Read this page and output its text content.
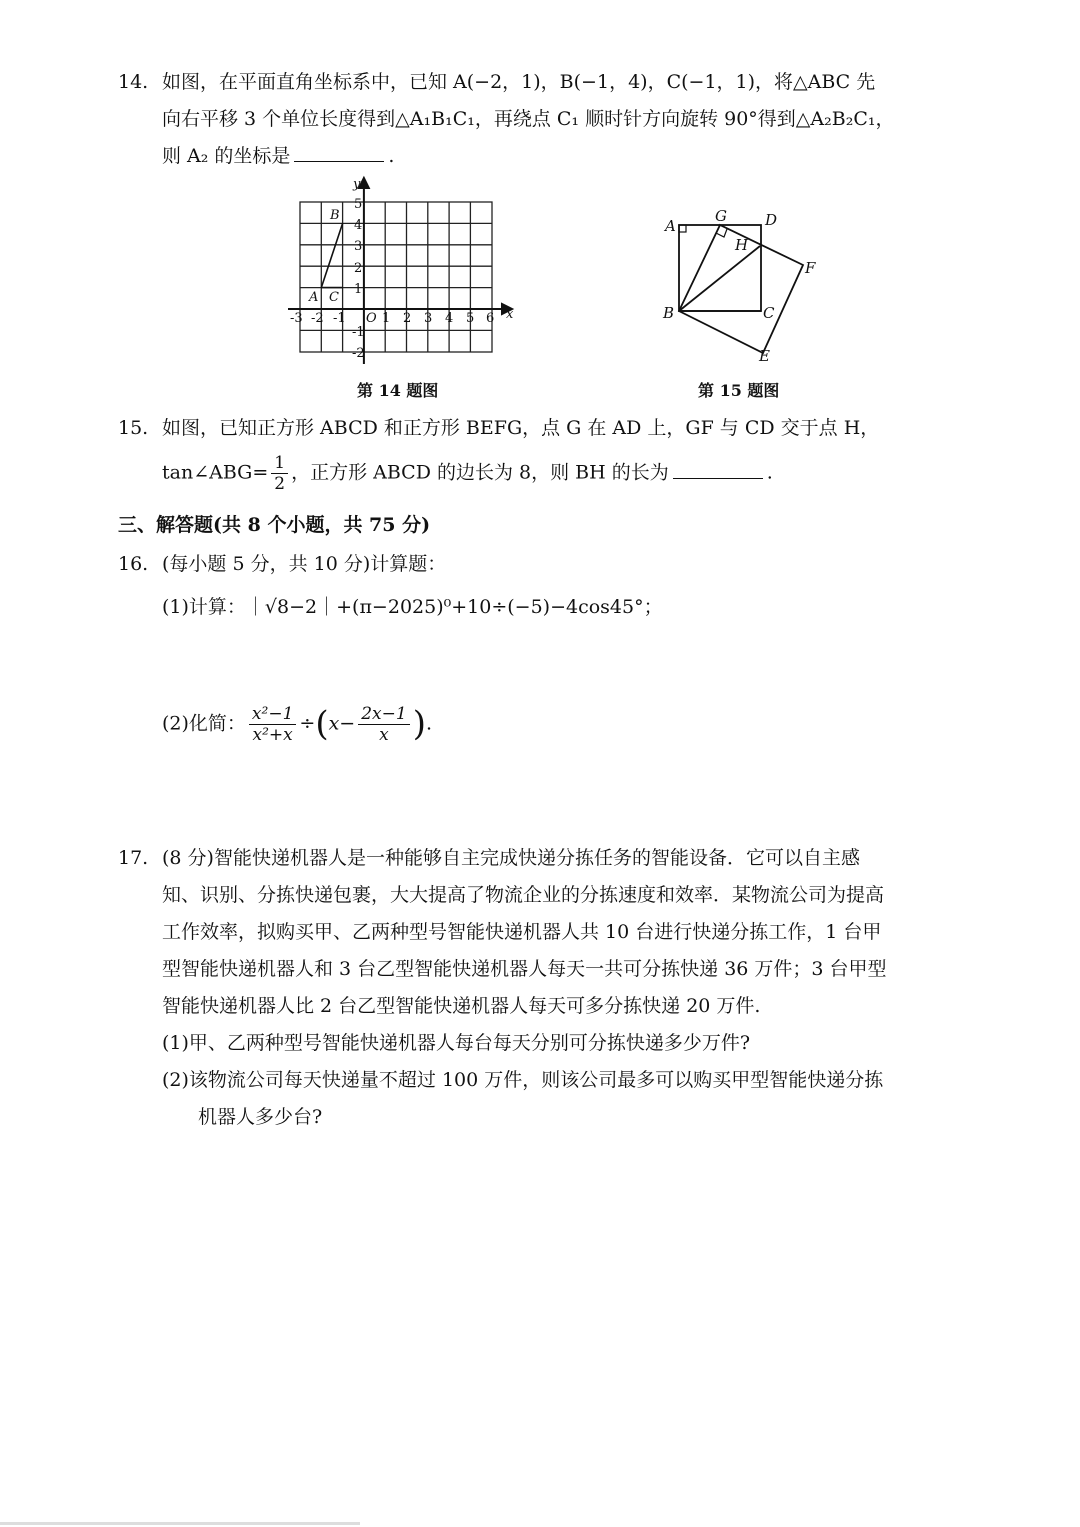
14. 如图，在平面直角坐标系中，已知 A(−2，1)，B(−1，4)，C(−1，1)，将△ABC 先
向右平移 3 个单位长度得到△A₁B₁C₁，再绕点 C₁ 顺时针方向旋转 90°得到△A₂B₂C₁，
则 A₂ 的坐标是	.
x
y
O
-3 -2 -1	1 2 3 4 5 6
5
4
3
2
1
-1
-2
A
B
C
第 14 题图
A
G	D
H
F
B	C
E
第 15 题图
15. 如图，已知正方形 ABCD 和正方形 BEFG，点 G 在 AD 上，GF 与 CD 交于点 H，
tan∠ABG= $\frac{1}{2}$ ，正方形 ABCD 的边长为 8，则 BH 的长为	.
三、解答题(共 8 个小题，共 75 分)
16. (每小题 5 分，共 10 分)计算题：
(1)计算：｜√8−2｜+(π−2025)⁰+10÷(−5)−4cos45°；
(2)化简： $\frac{\text{x²−1}}{\text{x²+x}} \div(x- \frac{2x-1}{x}$ ).
17. (8 分)智能快递机器人是一种能够自主完成快递分拣任务的智能设备．它可以自主感
知、识别、分拣快递包裹，大大提高了物流企业的分拣速度和效率．某物流公司为提高
工作效率，拟购买甲、乙两种型号智能快递机器人共 10 台进行快递分拣工作，1 台甲
型智能快递机器人和 3 台乙型智能快递机器人每天一共可分拣快递 36 万件；3 台甲型
智能快递机器人比 2 台乙型智能快递机器人每天可多分拣快递 20 万件.
(1)甲、乙两种型号智能快递机器人每台每天分别可分拣快递多少万件?
(2)该物流公司每天快递量不超过 100 万件，则该公司最多可以购买甲型智能快递分拣
机器人多少台?
